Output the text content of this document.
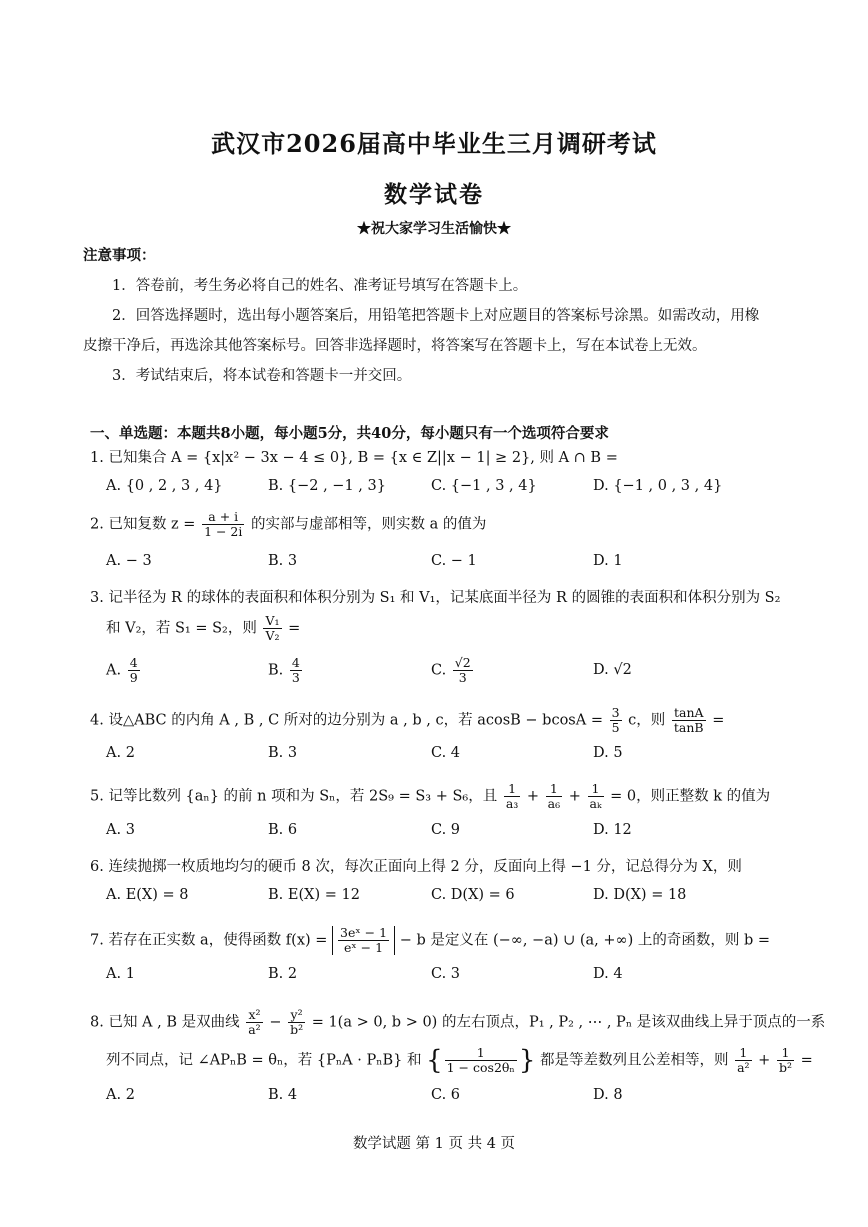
武汉市2026届高中毕业生三月调研考试
数学试卷
★祝大家学习生活愉快★
注意事项：
1．答卷前，考生务必将自己的姓名、准考证号填写在答题卡上。
2．回答选择题时，选出每小题答案后，用铅笔把答题卡上对应题目的答案标号涂黑。如需改动，用橡
皮擦干净后，再选涂其他答案标号。回答非选择题时，将答案写在答题卡上，写在本试卷上无效。
3．考试结束后，将本试卷和答题卡一并交回。
一、单选题：本题共8小题，每小题5分，共40分，每小题只有一个选项符合要求
1. 已知集合 A = {x|x² − 3x − 4 ≤ 0}, B = {x ∈ Z||x − 1| ≥ 2}, 则 A ∩ B =
A. {0 , 2 , 3 , 4}	B. {−2 , −1 , 3}	C. {−1 , 3 , 4}	D. {−1 , 0 , 3 , 4}
2. 已知复数 $z = \frac{a + i}{1 - 2i}$ 的实部与虚部相等，则实数 a 的值为
A. − 3	B. 3	C. − 1	D. 1
3. 记半径为 R 的球体的表面积和体积分别为 S₁ 和 V₁，记某底面半径为 R 的圆锥的表面积和体积分别为 S₂
和 V₂，若 S₁ = S₂，则 $\frac{\text{V₁}}{\text{V₂}}$ =
A. $\frac{4}{9}$	B. $\frac{4}{3}$	C. $\frac{√2}{3}$	D. √2
4. 设△ABC 的内角 A , B , C 所对的边分别为 a , b , c，若 $acosB - bcosA = \frac{3}{5}$ c，则 $\frac{\tan A}{\tan B}$ =
A. 2	B. 3	C. 4	D. 5
5. 记等比数列 {aₙ} 的前 n 项和为 Sₙ，若 2S₉ = S₃ + S₆，且 $\frac{1}{\text{a₃}} + \frac{1}{\text{a₆}} + \frac{1}{\text{aₖ}} = 0$，则正整数 k 的值为
A. 3	B. 6	C. 9	D. 12
6. 连续抛掷一枚质地均匀的硬币 8 次，每次正面向上得 2 分，反面向上得 −1 分，记总得分为 X，则
A. E(X) = 8	B. E(X) = 12	C. D(X) = 6	D. D(X) = 18
7. 若存在正实数 a，使得函数 $f(x) = \frac{\text{3eˣ − 1}}{\text{eˣ − 1}} - b$ 是定义在 (−∞, −a) ∪ (a, +∞) 上的奇函数，则 b =
A. 1	B. 2	C. 3	D. 4
8. 已知 A , B 是双曲线 $\frac{\text{x²}}{\text{a²}} - \frac{\text{y²}}{\text{b²}} = 1(a > 0$, b > 0) 的左右顶点，P₁ , P₂ , ⋯ , Pₙ 是该双曲线上异于顶点的一系
列不同点，记 ∠APₙB = θₙ，若 {PₙA · PₙB} 和 { $\frac{1}{\text{1 − cos2θₙ}}$ } 都是等差数列且公差相等，则 $\frac{1}{\text{a²}} + \frac{1}{\text{b²}}$ =
A. 2	B. 4	C. 6	D. 8
数学试题 第 1 页 共 4 页
